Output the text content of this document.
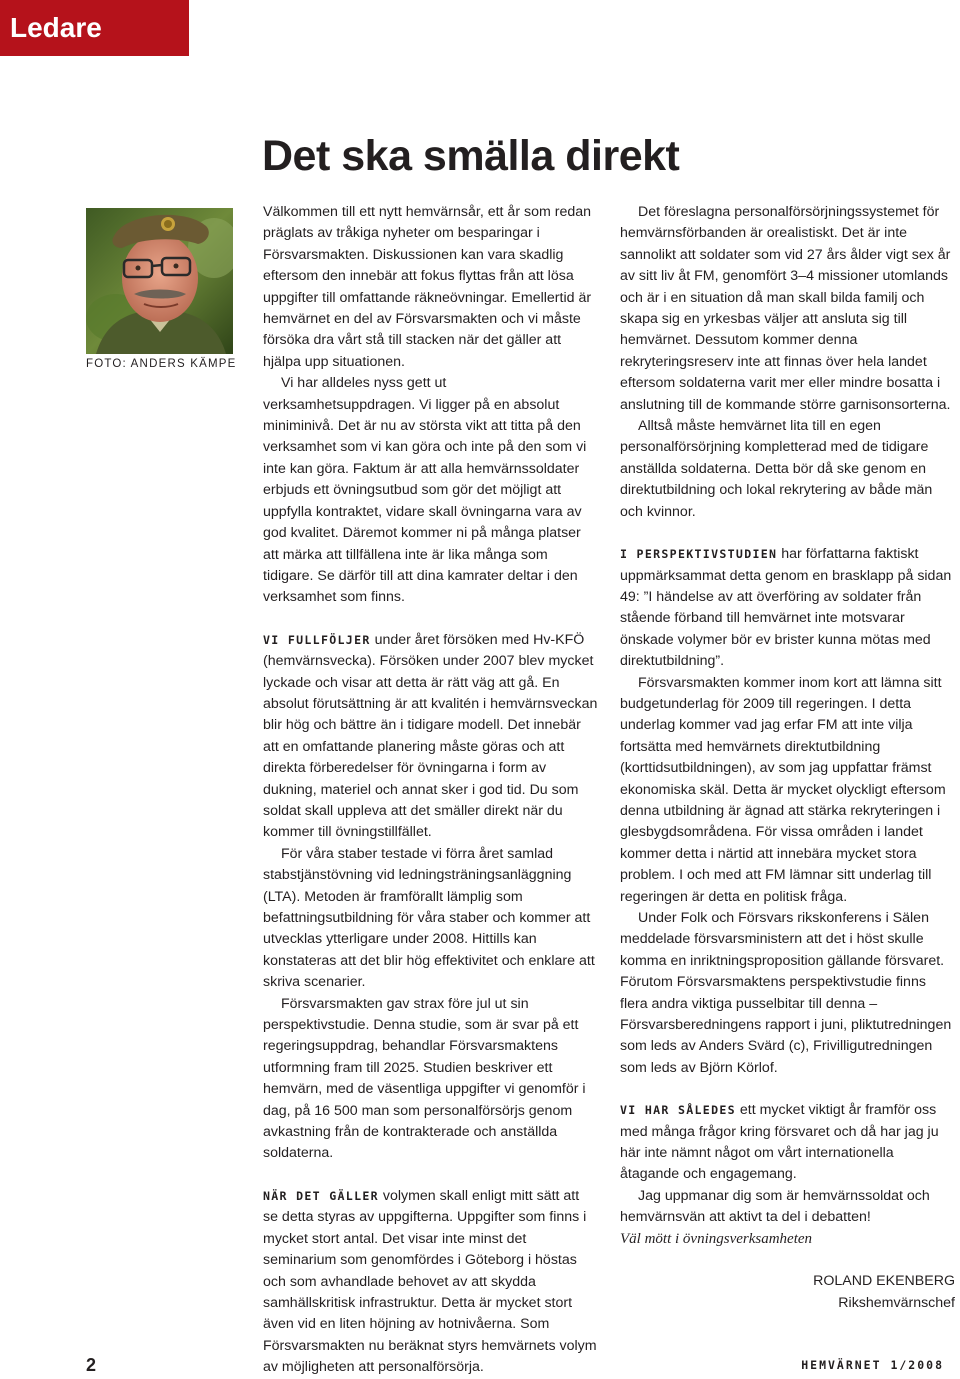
Ledare
Det ska smälla direkt
FOTO: ANDERS KÄMPE

Välkommen till ett nytt hemvärnsår, ett år som redan präglats av tråkiga nyheter om besparingar i Försvarsmakten. Diskussionen kan vara skadlig eftersom den innebär att fokus flyttas från att lösa uppgifter till omfattande räkneövningar. Emellertid är hemvärnet en del av Försvarsmakten och vi måste försöka dra vårt stå till stacken när det gäller att hjälpa upp situationen.

Vi har alldeles nyss gett ut verksamhetsuppdragen. Vi ligger på en absolut miniminivå. Det är nu av största vikt att titta på den verksamhet som vi kan göra och inte på den som vi inte kan göra. Faktum är att alla hemvärnssoldater erbjuds ett övningsutbud som gör det möjligt att uppfylla kontraktet, vidare skall övningarna vara av god kvalitet. Däremot kommer ni på många platser att märka att tillfällena inte är lika många som tidigare. Se därför till att dina kamrater deltar i den verksamhet som finns.

VI FULLFÖLJER under året försöken med Hv-KFÖ (hemvärnsvecka). Försöken under 2007 blev mycket lyckade och visar att detta är rätt väg att gå. En absolut förutsättning är att kvalitén i hemvärnsveckan blir hög och bättre än i tidigare modell. Det innebär att en omfattande planering måste göras och att direkta förberedelser för övningarna i form av dukning, materiel och annat sker i god tid. Du som soldat skall uppleva att det smäller direkt när du kommer till övningstillfället.

För våra staber testade vi förra året samlad stabstjänstövning vid ledningsträningsanläggning (LTA). Metoden är framförallt lämplig som befattningsutbildning för våra staber och kommer att utvecklas ytterligare under 2008. Hittills kan konstateras att det blir hög effektivitet och enklare att skriva scenarier.

Försvarsmakten gav strax före jul ut sin perspektivstudie. Denna studie, som är svar på ett regeringsuppdrag, behandlar Försvarsmaktens utformning fram till 2025. Studien beskriver ett hemvärn, med de väsentliga uppgifter vi genomför i dag, på 16 500 man som personalförsörjs genom avkastning från de kontrakterade och anställda soldaterna.

NÄR DET GÄLLER volymen skall enligt mitt sätt att se detta styras av uppgifterna. Uppgifter som finns i mycket stort antal. Det visar inte minst det seminarium som genomfördes i Göteborg i höstas och som avhandlade behovet av att skydda samhällskritisk infrastruktur. Detta är mycket stort även vid en liten höjning av hotnivåerna. Som Försvarsmakten nu beräknat styrs hemvärnets volym av möjligheten att personalförsörja.

Det föreslagna personalförsörjningssystemet för hemvärnsförbanden är orealistiskt. Det är inte sannolikt att soldater som vid 27 års ålder vigt sex år av sitt liv åt FM, genomfört 3–4 missioner utomlands och är i en situation då man skall bilda familj och skapa sig en yrkesbas väljer att ansluta sig till hemvärnet. Dessutom kommer denna rekryteringsreserv inte att finnas över hela landet eftersom soldaterna varit mer eller mindre bosatta i anslutning till de kommande större garnisonsorterna.

Alltså måste hemvärnet lita till en egen personalförsörjning kompletterad med de tidigare anställda soldaterna. Detta bör då ske genom en direktutbildning och lokal rekrytering av både män och kvinnor.

I PERSPEKTIVSTUDIEN har författarna faktiskt uppmärksammat detta genom en brasklapp på sidan 49: ”I händelse av att överföring av soldater från stående förband till hemvärnet inte motsvarar önskade volymer bör ev brister kunna mötas med direktutbildning”.

Försvarsmakten kommer inom kort att lämna sitt budgetunderlag för 2009 till regeringen. I detta underlag kommer vad jag erfar FM att inte vilja fortsätta med hemvärnets direktutbildning (korttidsutbildningen), av som jag uppfattar främst ekonomiska skäl. Detta är mycket olyckligt eftersom denna utbildning är ägnad att stärka rekryteringen i glesbygdsområdena. För vissa områden i landet kommer detta i närtid att innebära mycket stora problem. I och med att FM lämnar sitt underlag till regeringen är detta en politisk fråga.

Under Folk och Försvars rikskonferens i Sälen meddelade försvarsministern att det i höst skulle komma en inriktningsproposition gällande försvaret. Förutom Försvarsmaktens perspektivstudie finns flera andra viktiga pusselbitar till denna – Försvarsberedningens rapport i juni, pliktutredningen som leds av Anders Svärd (c), Frivilligutredningen som leds av Björn Körlof.

VI HAR SÅLEDES ett mycket viktigt år framför oss med många frågor kring försvaret och då har jag ju här inte nämnt något om vårt internationella åtagande och engagemang.

Jag uppmanar dig som är hemvärnssoldat och hemvärnsvän att aktivt ta del i debatten!

Väl mött i övningsverksamheten

ROLAND EKENBERG
Rikshemvärnschef
2	HEMVÄRNET 1/2008
